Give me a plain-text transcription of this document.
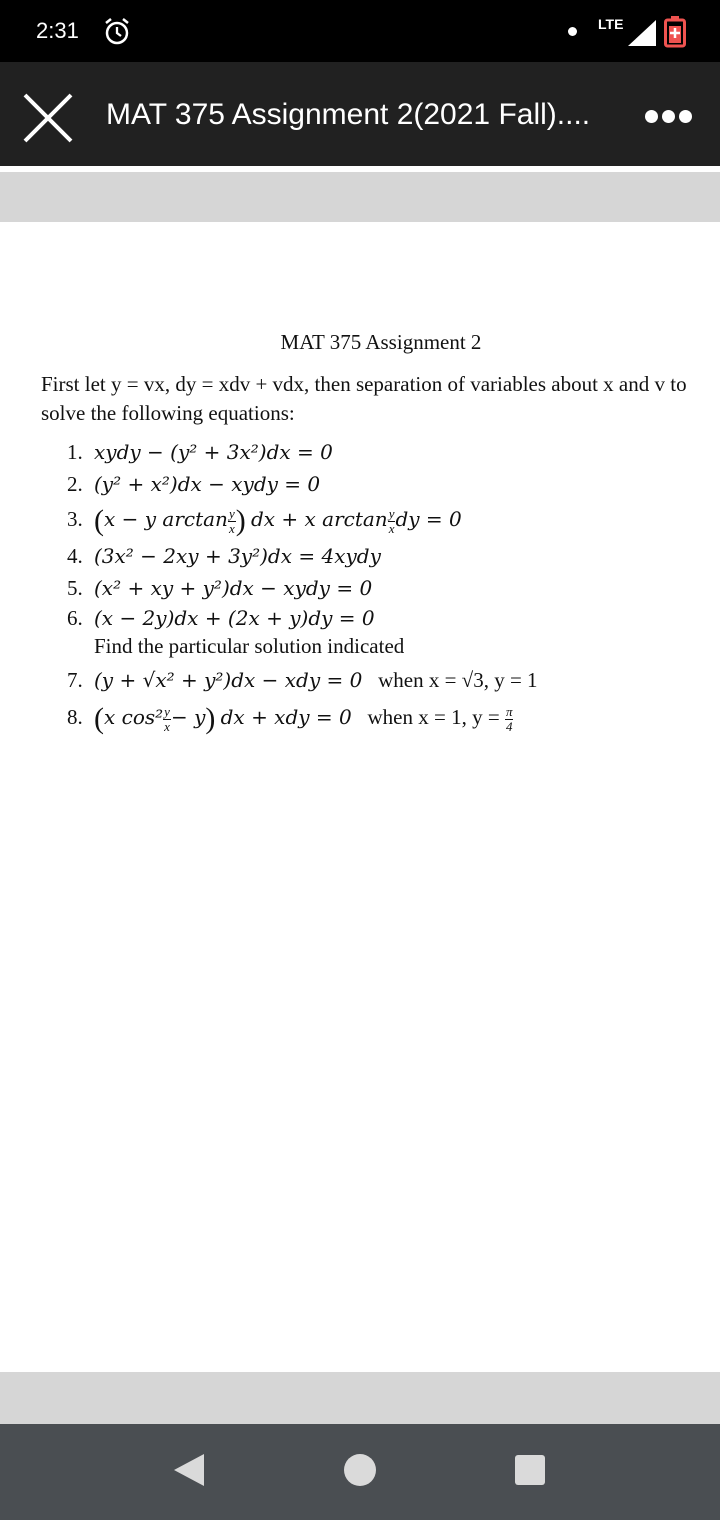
2:31	LTE
MAT 375 Assignment 2(2021 Fall)....
MAT 375 Assignment 2
First let y = vx, dy = xdv + vdx, then separation of variables about x and v to solve the following equations:
1. xydy − (y² + 3x²)dx = 0
2. (y² + x²)dx − xydy = 0
3. (x − y $\arctan \frac{y}{x}$ ) dx + x $\arctan \frac{y}{x}$ dy = 0
4. (3x² − 2xy + 3y²)dx = 4xydy
5. (x² + xy + y²)dx − xydy = 0
6. (x − 2y)dx + (2x + y)dy = 0
Find the particular solution indicated
7. (y + √x² + y²)dx − xdy = 0 when x = √3, y = 1
8. (x $\cos^2 \frac{y}{x} - y$) dx + xdy = 0 when x = 1, $y = \frac{\pi}{4}$
